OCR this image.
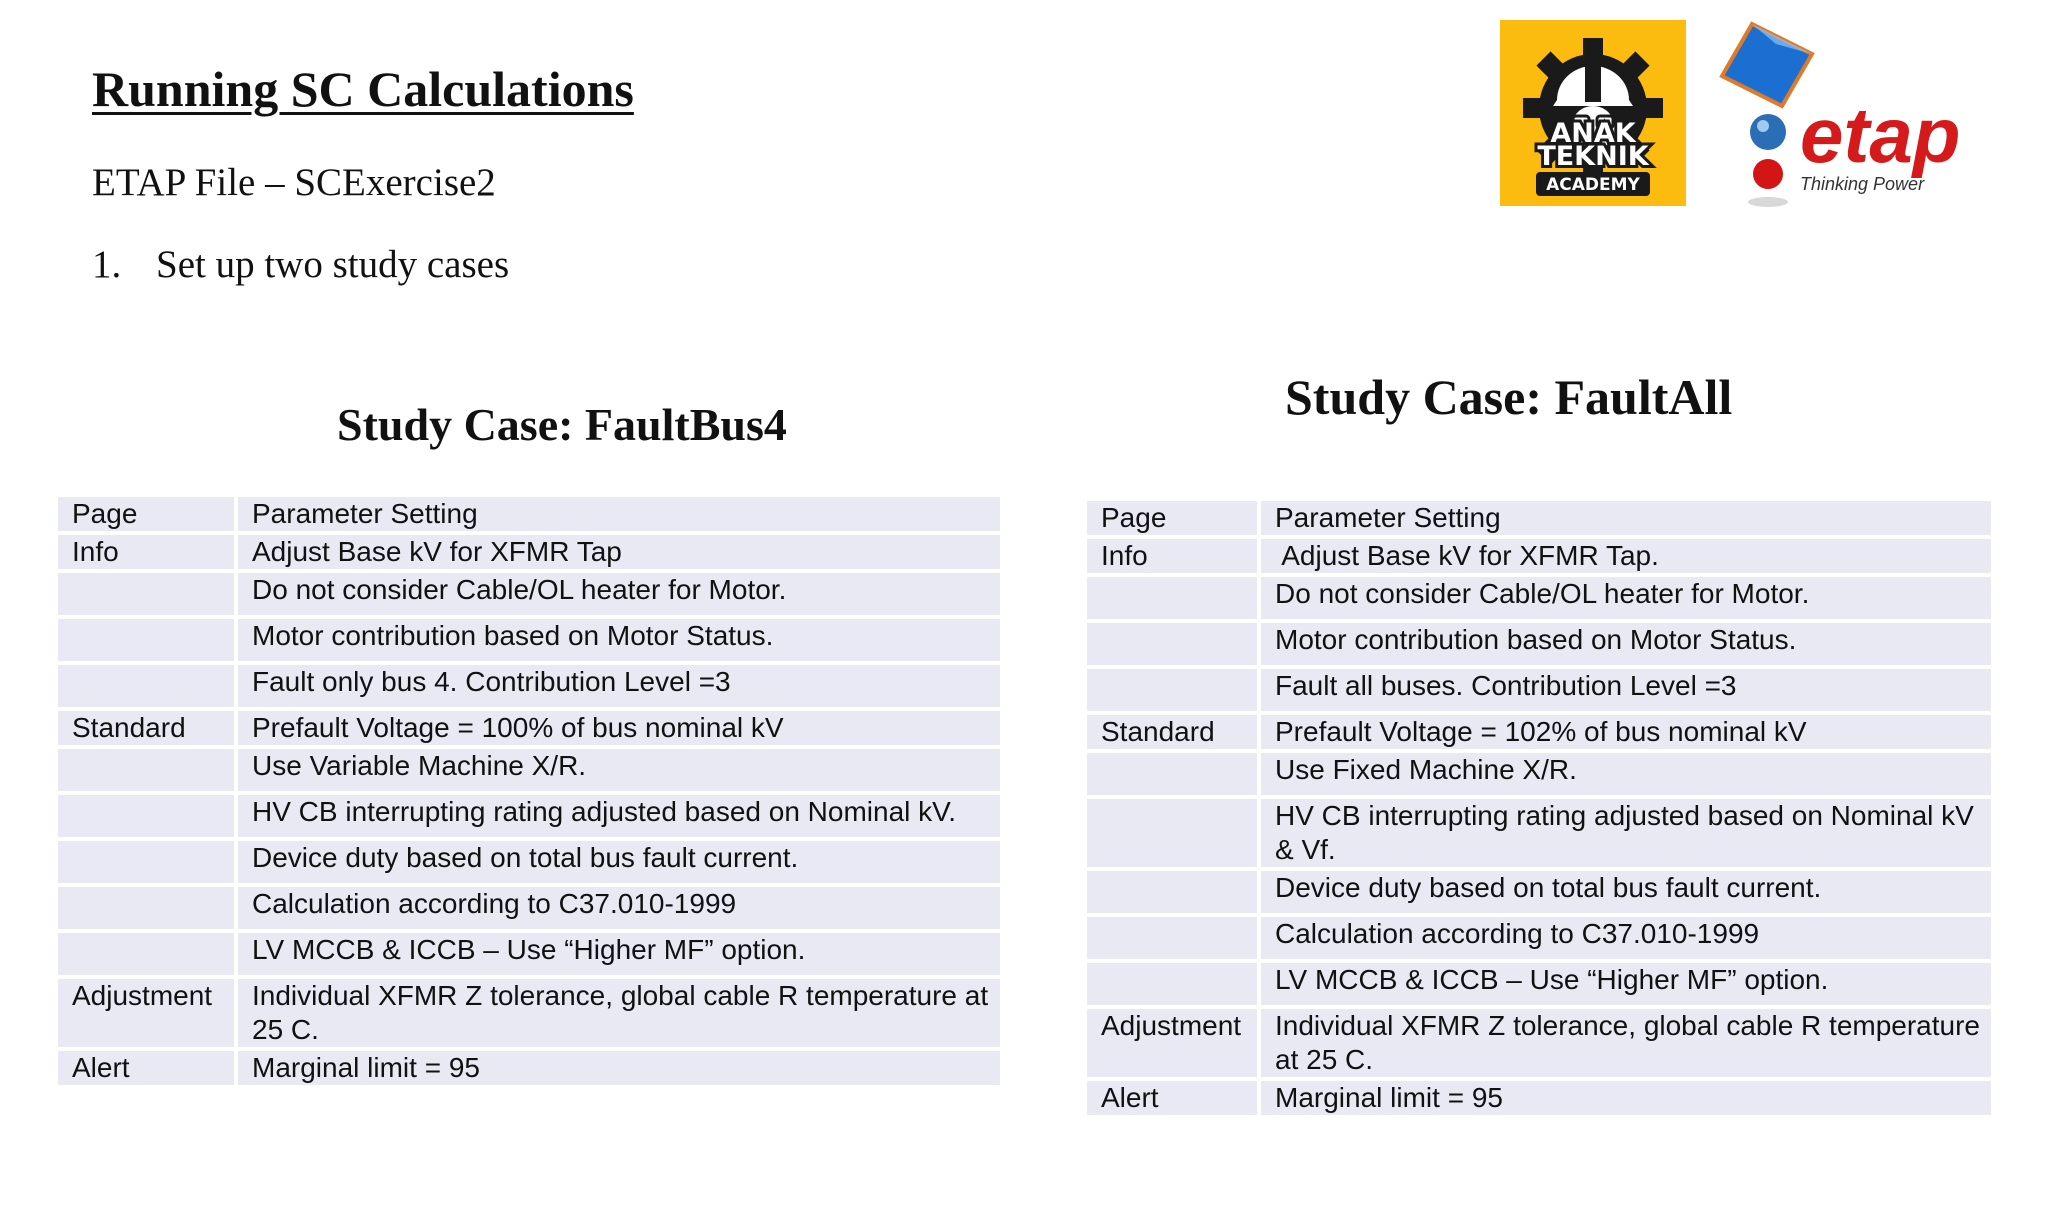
Running SC Calculations

ETAP File – SCExercise2

1. Set up two study cases

ANAK
TEKNIK
ACADEMY
etap
Thinking Power
Study Case: FaultBus4	Study Case: FaultAll
Page	Parameter Setting
Info	Adjust Base kV for XFMR Tap
	Do not consider Cable/OL heater for Motor.
	Motor contribution based on Motor Status.
	Fault only bus 4. Contribution Level =3
Standard	Prefault Voltage = 100% of bus nominal kV
	Use Variable Machine X/R.
	HV CB interrupting rating adjusted based on Nominal kV.
	Device duty based on total bus fault current.
	Calculation according to C37.010-1999
	LV MCCB & ICCB – Use “Higher MF” option.
Adjustment	Individual XFMR Z tolerance, global cable R temperature at 25 C.
Alert	Marginal limit = 95
Page	Parameter Setting
Info	Adjust Base kV for XFMR Tap.
	Do not consider Cable/OL heater for Motor.
	Motor contribution based on Motor Status.
	Fault all buses. Contribution Level =3
Standard	Prefault Voltage = 102% of bus nominal kV
	Use Fixed Machine X/R.
	HV CB interrupting rating adjusted based on Nominal kV & Vf.
	Device duty based on total bus fault current.
	Calculation according to C37.010-1999
	LV MCCB & ICCB – Use “Higher MF” option.
Adjustment	Individual XFMR Z tolerance, global cable R temperature at 25 C.
Alert	Marginal limit = 95
